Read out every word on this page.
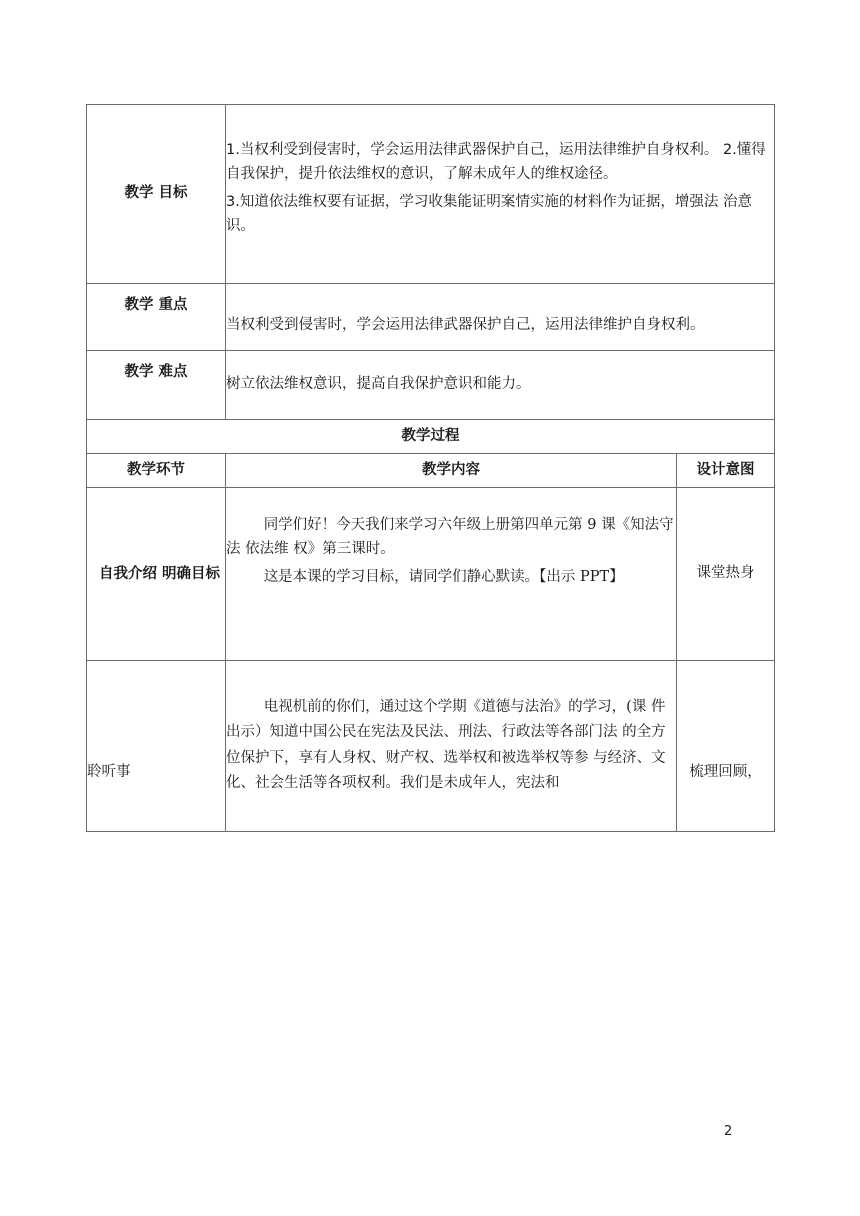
教学 目标	1.当权利受到侵害时，学会运用法律武器保护自己，运用法律维护自身权利。 2.懂得自我保护，提升依法维权的意识，了解未成年人的维权途径。

3.知道依法维权要有证据，学习收集能证明案情实施的材料作为证据，增强法 治意识。	

教学 重点	当权利受到侵害时，学会运用法律武器保护自己，运用法律维护自身权利。	
教学 难点	树立依法维权意识，提高自我保护意识和能力。	
教学过程		
教学环节	教学内容	设计意图
自我介绍 明确目标	同学们好！今天我们来学习六年级上册第四单元第 9 课《知法守法 依法维 权》第三课时。

这是本课的学习目标，请同学们静心默读。【出示 PPT】	课堂热身
聆听事	电视机前的你们，通过这个学期《道德与法治》的学习，(课 件出示）知道中国公民在宪法及民法、刑法、行政法等各部门法 的全方位保护下，享有人身权、财产权、选举权和被选举权等参 与经济、文化、社会生活等各项权利。我们是未成年人，宪法和	梳理回顾，
2
